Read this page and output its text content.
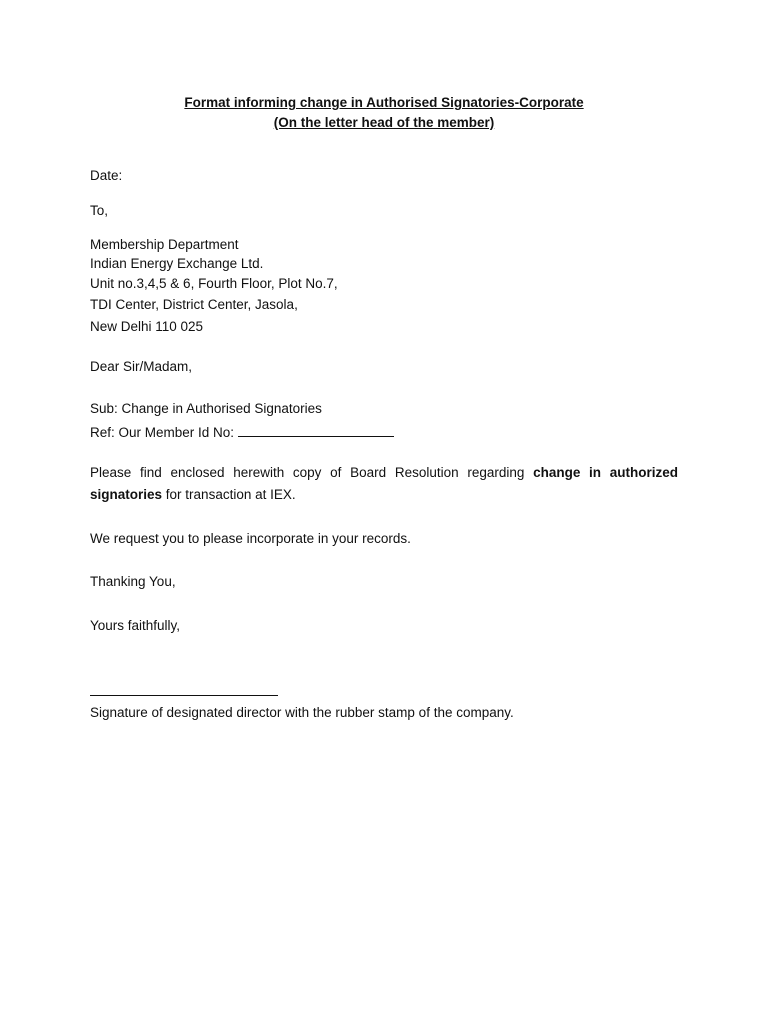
Format informing change in Authorised Signatories-Corporate
(On the letter head of the member)
Date:
To,
Membership Department
Indian Energy Exchange Ltd.
Unit no.3,4,5 & 6, Fourth Floor, Plot No.7,
TDI Center, District Center, Jasola,
New Delhi 110 025
Dear Sir/Madam,
Sub: Change in Authorised Signatories
Ref: Our Member Id No:
Please find enclosed herewith copy of Board Resolution regarding change in authorized signatories for transaction at IEX.
We request you to please incorporate in your records.
Thanking You,
Yours faithfully,
Signature of designated director with the rubber stamp of the company.
